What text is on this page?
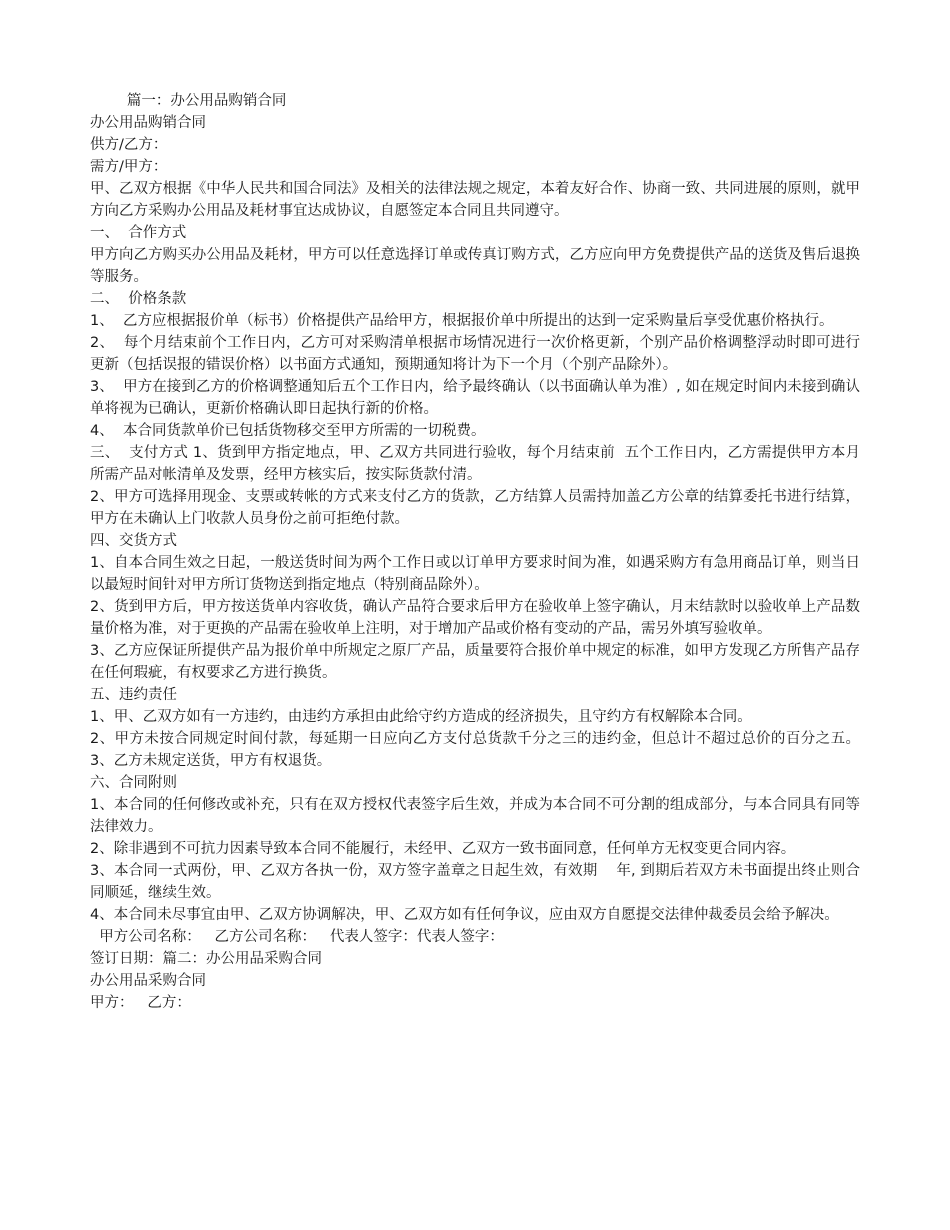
篇一：办公用品购销合同
办公用品购销合同
供方/乙方：
需方/甲方：
甲、乙双方根据《中华人民共和国合同法》及相关的法律法规之规定，本着友好合作、协商一致、共同进展的原则，就甲方向乙方采购办公用品及耗材事宜达成协议，自愿签定本合同且共同遵守。
一、  合作方式
甲方向乙方购买办公用品及耗材，甲方可以任意选择订单或传真订购方式，乙方应向甲方免费提供产品的送货及售后退换等服务。
二、  价格条款
1、  乙方应根据报价单（标书）价格提供产品给甲方，根据报价单中所提出的达到一定采购量后享受优惠价格执行。
2、  每个月结束前个工作日内，乙方可对采购清单根据市场情况进行一次价格更新，个别产品价格调整浮动时即可进行更新（包括误报的错误价格）以书面方式通知，预期通知将计为下一个月（个别产品除外）。
3、  甲方在接到乙方的价格调整通知后五个工作日内，给予最终确认（以书面确认单为准）, 如在规定时间内未接到确认单将视为已确认，更新价格确认即日起执行新的价格。
4、  本合同货款单价已包括货物移交至甲方所需的一切税费。
三、  支付方式 1、货到甲方指定地点，甲、乙双方共同进行验收，每个月结束前  五个工作日内，乙方需提供甲方本月所需产品对帐清单及发票，经甲方核实后，按实际货款付清。
2、甲方可选择用现金、支票或转帐的方式来支付乙方的货款，乙方结算人员需持加盖乙方公章的结算委托书进行结算，甲方在未确认上门收款人员身份之前可拒绝付款。
四、交货方式
1、自本合同生效之日起，一般送货时间为两个工作日或以订单甲方要求时间为准，如遇采购方有急用商品订单，则当日以最短时间针对甲方所订货物送到指定地点（特别商品除外）。
2、货到甲方后，甲方按送货单内容收货，确认产品符合要求后甲方在验收单上签字确认，月末结款时以验收单上产品数量价格为准，对于更换的产品需在验收单上注明，对于增加产品或价格有变动的产品，需另外填写验收单。
3、乙方应保证所提供产品为报价单中所规定之原厂产品，质量要符合报价单中规定的标准，如甲方发现乙方所售产品存在任何瑕疵，有权要求乙方进行换货。
五、违约责任
1、甲、乙双方如有一方违约，由违约方承担由此给守约方造成的经济损失，且守约方有权解除本合同。
2、甲方未按合同规定时间付款，每延期一日应向乙方支付总货款千分之三的违约金，但总计不超过总价的百分之五。3、乙方未规定送货，甲方有权退货。
六、合同附则
1、本合同的任何修改或补充，只有在双方授权代表签字后生效，并成为本合同不可分割的组成部分，与本合同具有同等法律效力。
2、除非遇到不可抗力因素导致本合同不能履行，未经甲、乙双方一致书面同意，任何单方无权变更合同内容。
3、本合同一式两份，甲、乙双方各执一份，双方签字盖章之日起生效，有效期    年, 到期后若双方未书面提出终止则合同顺延，继续生效。
4、本合同未尽事宜由甲、乙双方协调解决，甲、乙双方如有任何争议，应由双方自愿提交法律仲裁委员会给予解决。
甲方公司名称：   乙方公司名称：   代表人签字：代表人签字：
签订日期：篇二：办公用品采购合同
办公用品采购合同
甲方：   乙方：
